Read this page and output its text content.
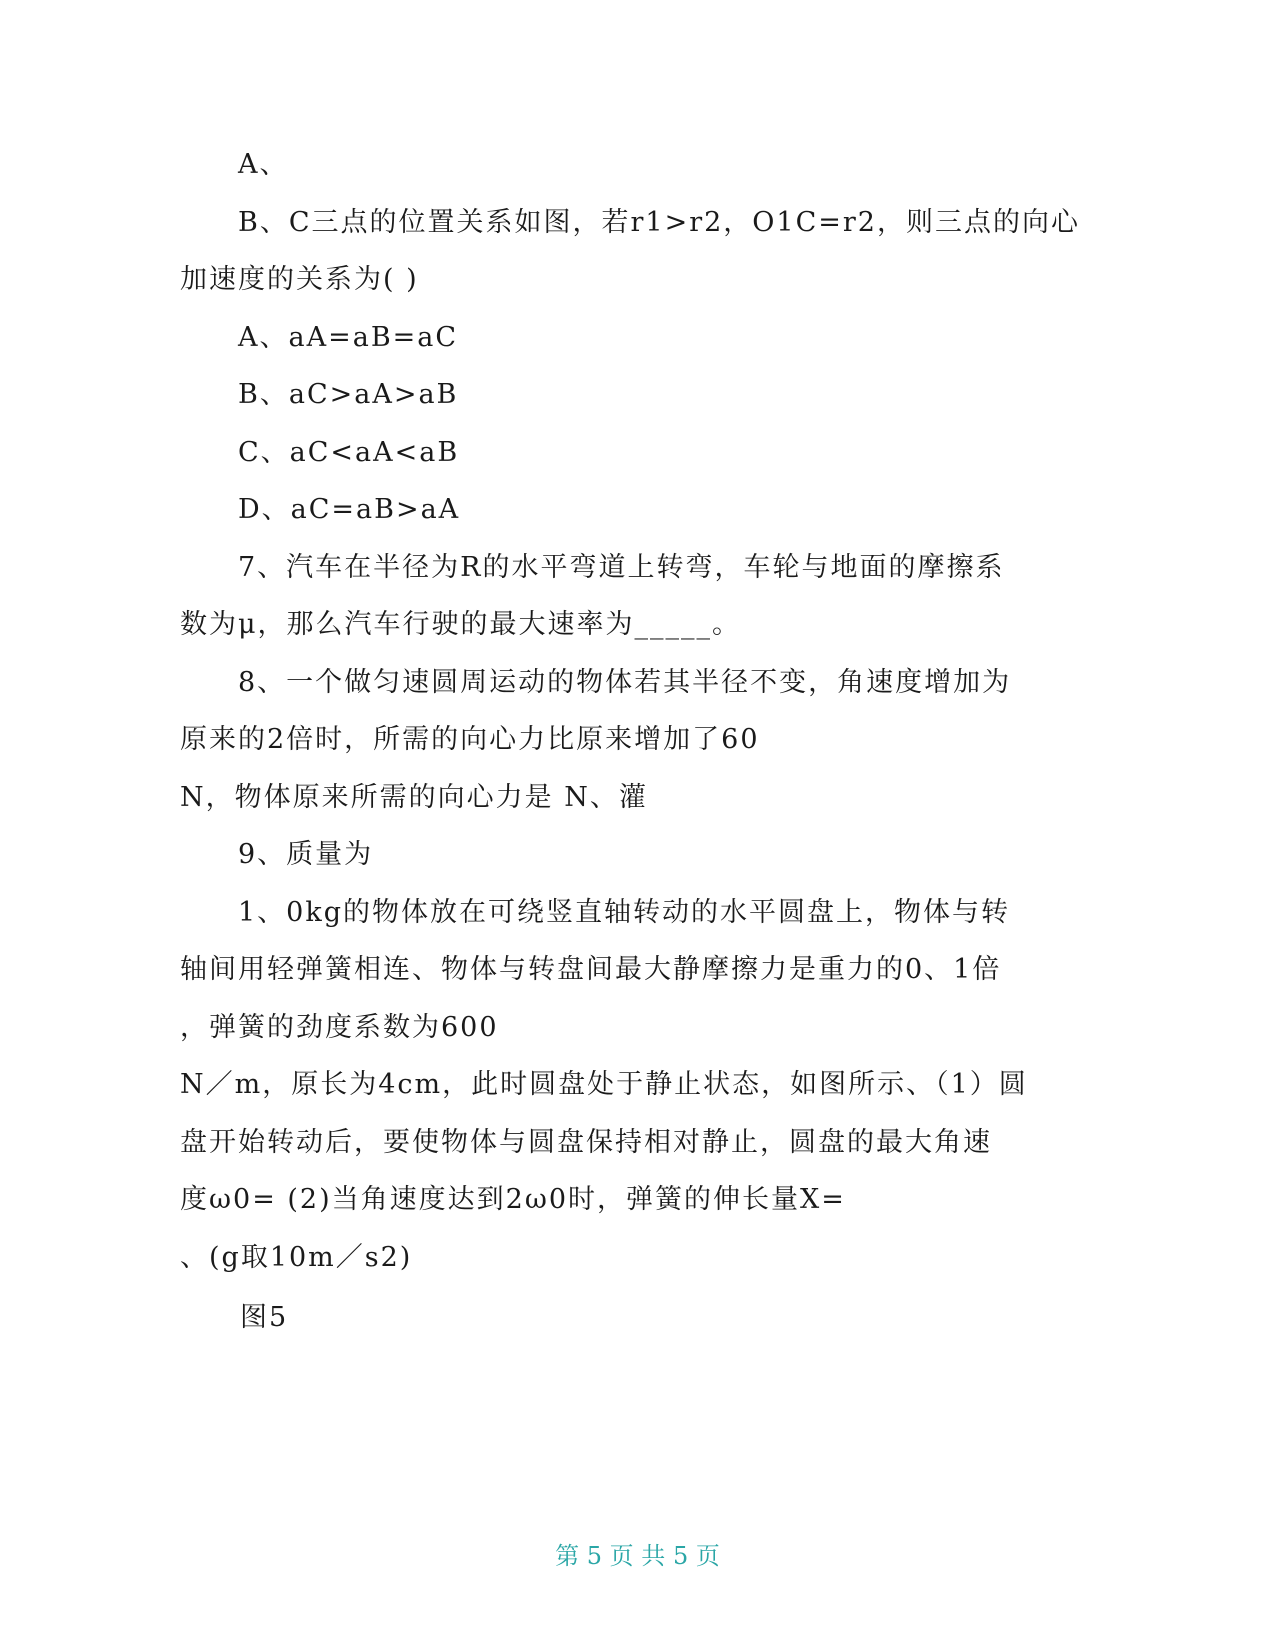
A、
B、C三点的位置关系如图，若r1>r2，O1C=r2，则三点的向心
加速度的关系为( )
A、aA=aB=aC
B、aC>aA>aB
C、aC<aA<aB
D、aC=aB>aA
7、汽车在半径为R的水平弯道上转弯，车轮与地面的摩擦系
数为μ，那么汽车行驶的最大速率为_____。
8、一个做匀速圆周运动的物体若其半径不变，角速度增加为
原来的2倍时，所需的向心力比原来增加了60
N，物体原来所需的向心力是 N、灌
9、质量为
1、0kg的物体放在可绕竖直轴转动的水平圆盘上，物体与转
轴间用轻弹簧相连、物体与转盘间最大静摩擦力是重力的0、1倍
，弹簧的劲度系数为600
N／m，原长为4cm，此时圆盘处于静止状态，如图所示、（1）圆
盘开始转动后，要使物体与圆盘保持相对静止，圆盘的最大角速
度ω0= (2)当角速度达到2ω0时，弹簧的伸长量X=
、(g取10m／s2)
图5
第 5 页 共 5 页
